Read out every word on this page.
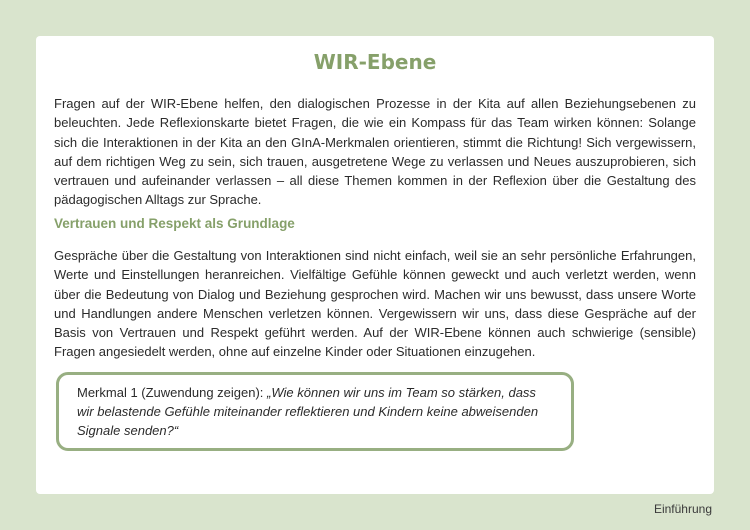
WIR-Ebene

Fragen auf der WIR-Ebene helfen, den dialogischen Prozesse in der Kita auf allen Beziehungsebenen zu beleuchten. Jede Reflexionskarte bietet Fragen, die wie ein Kompass für das Team wirken können: Solange sich die Interaktionen in der Kita an den GInA-Merkmalen orientieren, stimmt die Richtung! Sich vergewissern, auf dem richtigen Weg zu sein, sich trauen, ausgetretene Wege zu verlassen und Neues auszuprobieren, sich vertrauen und aufeinander verlassen – all diese Themen kommen in der Reflexion über die Gestaltung des pädagogischen Alltags zur Sprache.

Vertrauen und Respekt als Grundlage

Gespräche über die Gestaltung von Interaktionen sind nicht einfach, weil sie an sehr persönliche Erfahrungen, Werte und Einstellungen heranreichen. Vielfältige Gefühle können geweckt und auch verletzt werden, wenn über die Bedeutung von Dialog und Beziehung gesprochen wird. Machen wir uns bewusst, dass unsere Worte und Handlungen andere Menschen verletzen können. Vergewissern wir uns, dass diese Gespräche auf der Basis von Vertrauen und Respekt geführt werden. Auf der WIR-Ebene können auch schwierige (sensible) Fragen angesiedelt werden, ohne auf einzelne Kinder oder Situationen einzugehen.

Merkmal 1 (Zuwendung zeigen): „Wie können wir uns im Team so stärken, dass wir belastende Gefühle miteinander reflektieren und Kindern keine abweisenden Signale senden?“
Einführung
